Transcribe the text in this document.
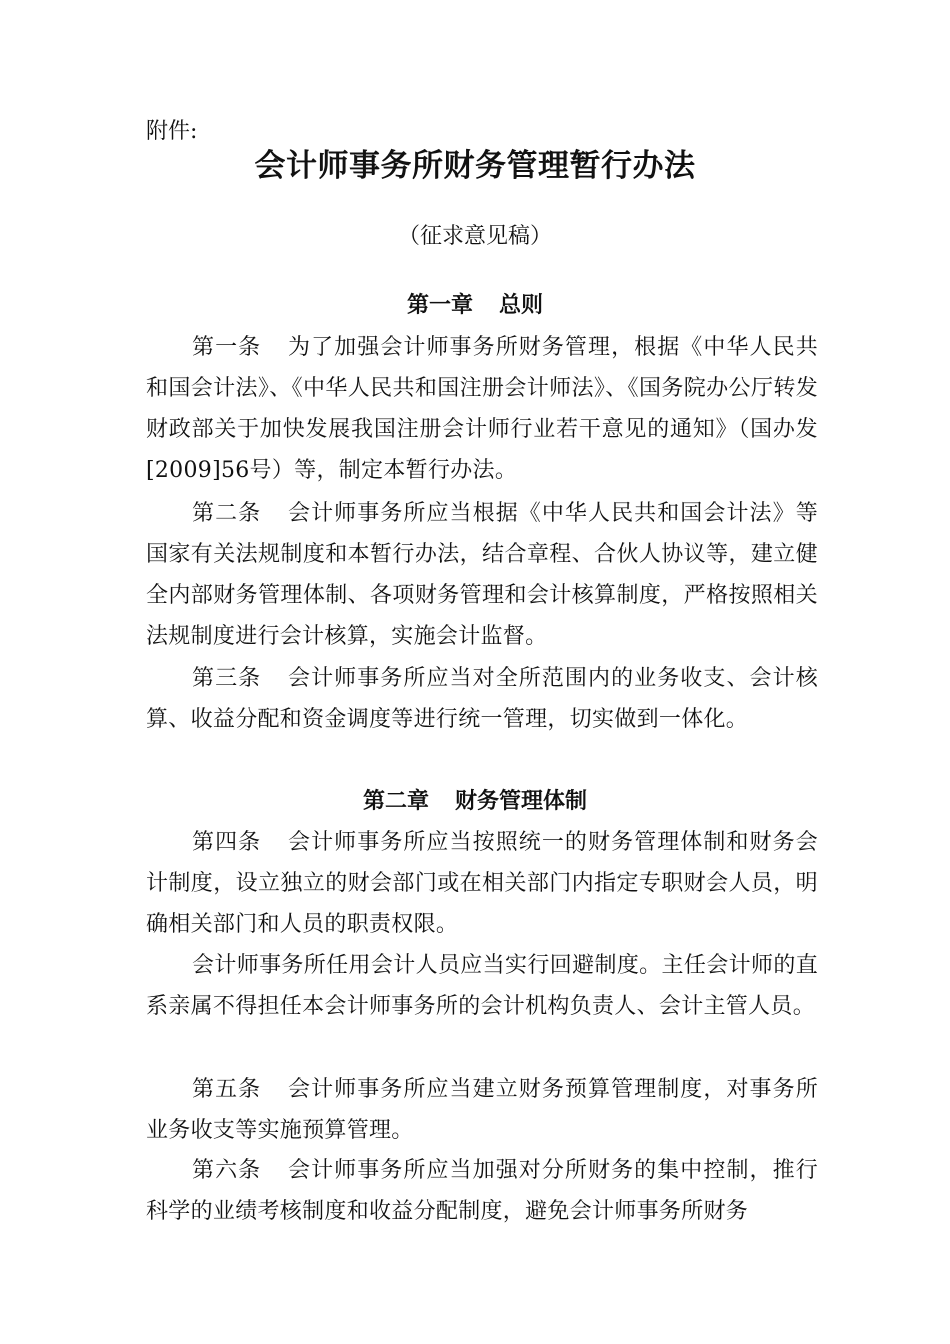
附件:
会计师事务所财务管理暂行办法
（征求意见稿）
第一章 总则
第一条 为了加强会计师事务所财务管理，根据《中华人民共和国会计法》、《中华人民共和国注册会计师法》、《国务院办公厅转发财政部关于加快发展我国注册会计师行业若干意见的通知》（国办发[2009]56号）等，制定本暂行办法。
第二条 会计师事务所应当根据《中华人民共和国会计法》等国家有关法规制度和本暂行办法，结合章程、合伙人协议等，建立健全内部财务管理体制、各项财务管理和会计核算制度，严格按照相关法规制度进行会计核算，实施会计监督。
第三条 会计师事务所应当对全所范围内的业务收支、会计核算、收益分配和资金调度等进行统一管理，切实做到一体化。
第二章 财务管理体制
第四条 会计师事务所应当按照统一的财务管理体制和财务会计制度，设立独立的财会部门或在相关部门内指定专职财会人员，明确相关部门和人员的职责权限。
会计师事务所任用会计人员应当实行回避制度。主任会计师的直系亲属不得担任本会计师事务所的会计机构负责人、会计主管人员。
第五条 会计师事务所应当建立财务预算管理制度，对事务所业务收支等实施预算管理。
第六条 会计师事务所应当加强对分所财务的集中控制，推行科学的业绩考核制度和收益分配制度，避免会计师事务所财务
